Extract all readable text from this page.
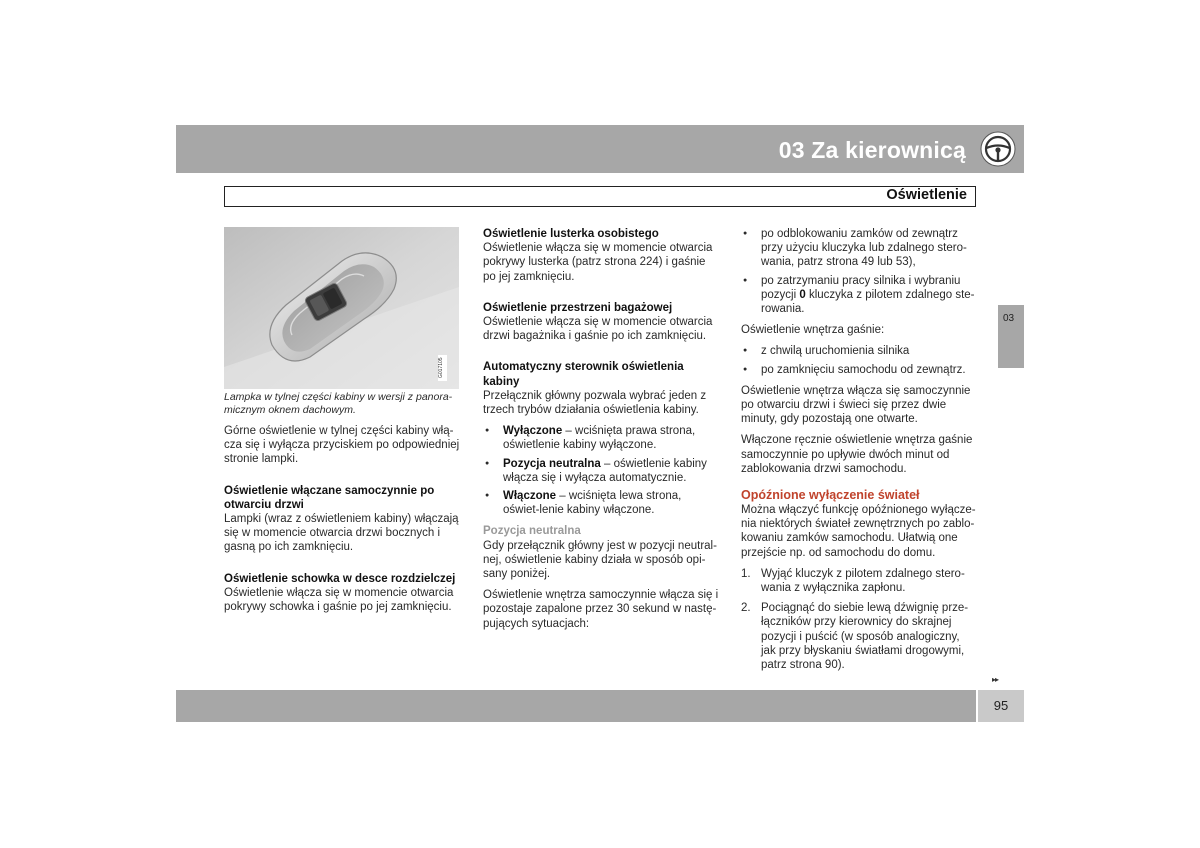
03 Za kierownicą
Oświetlenie
03
G017105

Lampka w tylnej części kabiny w wersji z panora-micznym oknem dachowym.

Górne oświetlenie w tylnej części kabiny włą-cza się i wyłącza przyciskiem po odpowiedniej stronie lampki.

Oświetlenie włączane samoczynnie po otwarciu drzwi

Lampki (wraz z oświetleniem kabiny) włączają się w momencie otwarcia drzwi bocznych i gasną po ich zamknięciu.

Oświetlenie schowka w desce rozdzielczej

Oświetlenie włącza się w momencie otwarcia pokrywy schowka i gaśnie po jej zamknięciu.

Oświetlenie lusterka osobistego

Oświetlenie włącza się w momencie otwarcia pokrywy lusterka (patrz strona 224) i gaśnie po jej zamknięciu.

Oświetlenie przestrzeni bagażowej

Oświetlenie włącza się w momencie otwarcia drzwi bagażnika i gaśnie po ich zamknięciu.

Automatyczny sterownik oświetlenia kabiny

Przełącznik główny pozwala wybrać jeden z trzech trybów działania oświetlenia kabiny.

● Wyłączone – wciśnięta prawa strona, oświetlenie kabiny wyłączone.
● Pozycja neutralna – oświetlenie kabiny włącza się i wyłącza automatycznie.
● Włączone – wciśnięta lewa strona, oświet-lenie kabiny włączone.
Pozycja neutralna

Gdy przełącznik główny jest w pozycji neutral-nej, oświetlenie kabiny działa w sposób opi-sany poniżej.

Oświetlenie wnętrza samoczynnie włącza się i pozostaje zapalone przez 30 sekund w nastę-pujących sytuacjach:

● po odblokowaniu zamków od zewnątrz przy użyciu kluczyka lub zdalnego stero-wania, patrz strona 49 lub 53),
● po zatrzymaniu pracy silnika i wybraniu pozycji 0 kluczyka z pilotem zdalnego ste-rowania.

Oświetlenie wnętrza gaśnie:

● z chwilą uruchomienia silnika
● po zamknięciu samochodu od zewnątrz.

Oświetlenie wnętrza włącza się samoczynnie po otwarciu drzwi i świeci się przez dwie minuty, gdy pozostają one otwarte.

Włączone ręcznie oświetlenie wnętrza gaśnie samoczynnie po upływie dwóch minut od zablokowania drzwi samochodu.

Opóźnione wyłączenie świateł

Można włączyć funkcję opóźnionego wyłącze-nia niektórych świateł zewnętrznych po zablo-kowaniu zamków samochodu. Ułatwią one przejście np. od samochodu do domu.

1. Wyjąć kluczyk z pilotem zdalnego stero-wania z wyłącznika zapłonu.
2. Pociągnąć do siebie lewą dźwignię prze-łączników przy kierownicy do skrajnej pozycji i puścić (w sposób analogiczny, jak przy błyskaniu światłami drogowymi, patrz strona 90).
▸▸
95
